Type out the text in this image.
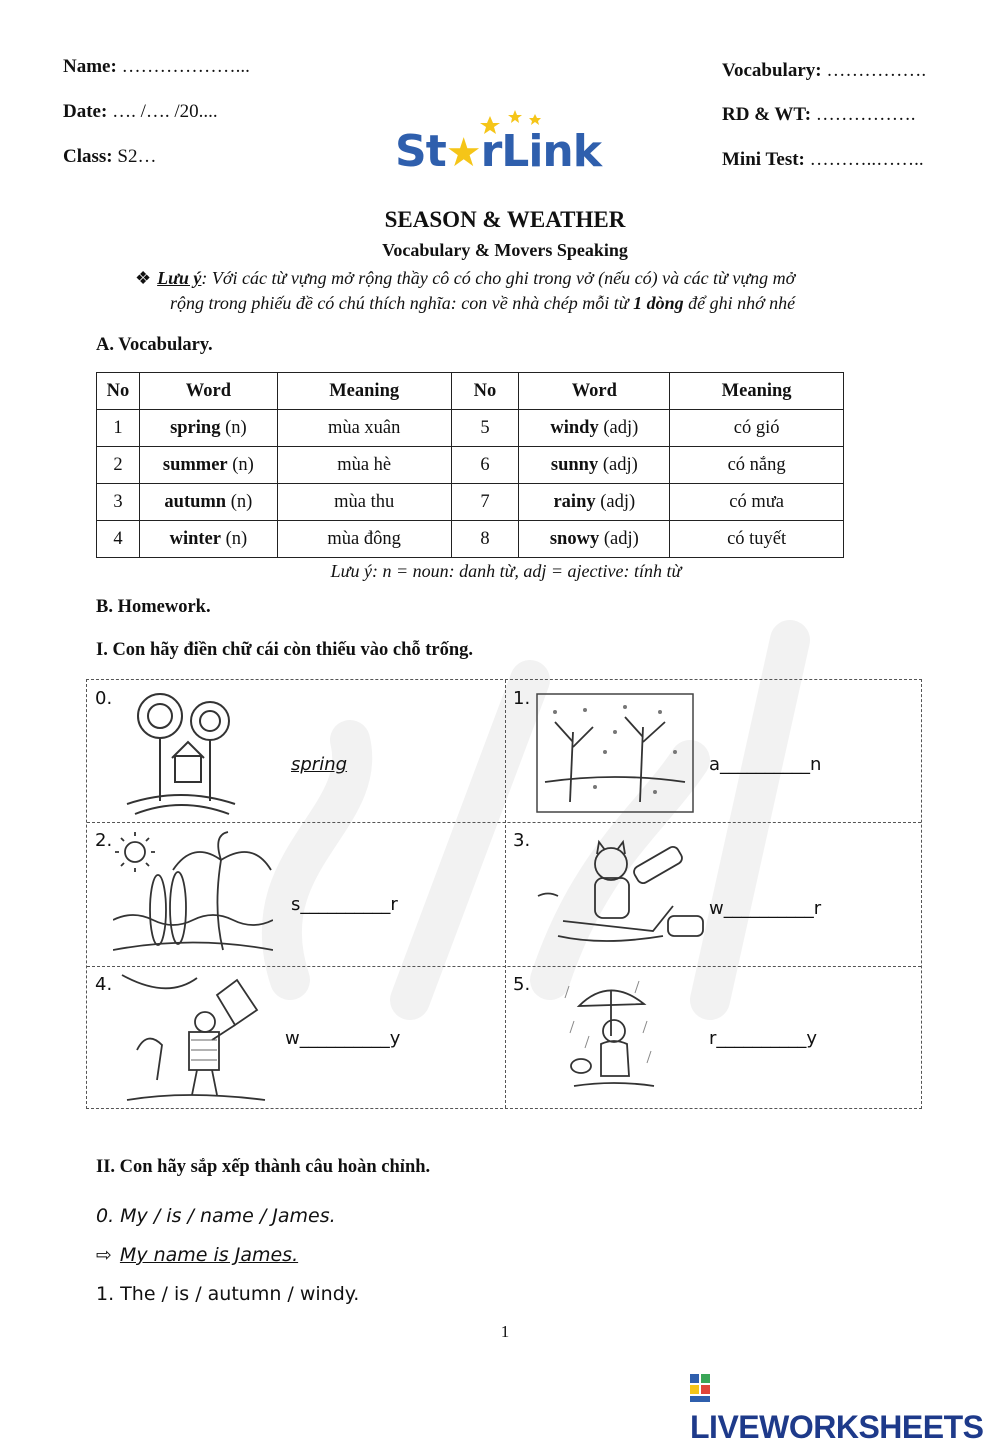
Name: ………………...
Date: …. /…. /20....
Class: S2…
Vocabulary: …………….
RD & WT: …………….
Mini Test: ………..……..
St★rLink
SEASON & WEATHER
Vocabulary & Movers Speaking
❖ Lưu ý: Với các từ vựng mở rộng thầy cô có cho ghi trong vở (nếu có) và các từ vựng mở
rộng trong phiếu đề có chú thích nghĩa: con về nhà chép mỗi từ 1 dòng để ghi nhớ nhé
A. Vocabulary.
No	Word	Meaning	No	Word	Meaning
1	spring (n)	mùa xuân	5	windy (adj)	có gió
2	summer (n)	mùa hè	6	sunny (adj)	có nắng
3	autumn (n)	mùa thu	7	rainy (adj)	có mưa
4	winter (n)	mùa đông	8	snowy (adj)	có tuyết
Lưu ý: n = noun: danh từ, adj = ajective: tính từ
B. Homework.
I. Con hãy điền chữ cái còn thiếu vào chỗ trống.
0.
spring
1.
a__________n
2.
s__________r
3.
w__________r
4.
w__________y
5.
r__________y
II. Con hãy sắp xếp thành câu hoàn chỉnh.
0. My / is / name / James.
⇨ My name is James.
1. The / is / autumn / windy.
1
LIVEWORKSHEETS
